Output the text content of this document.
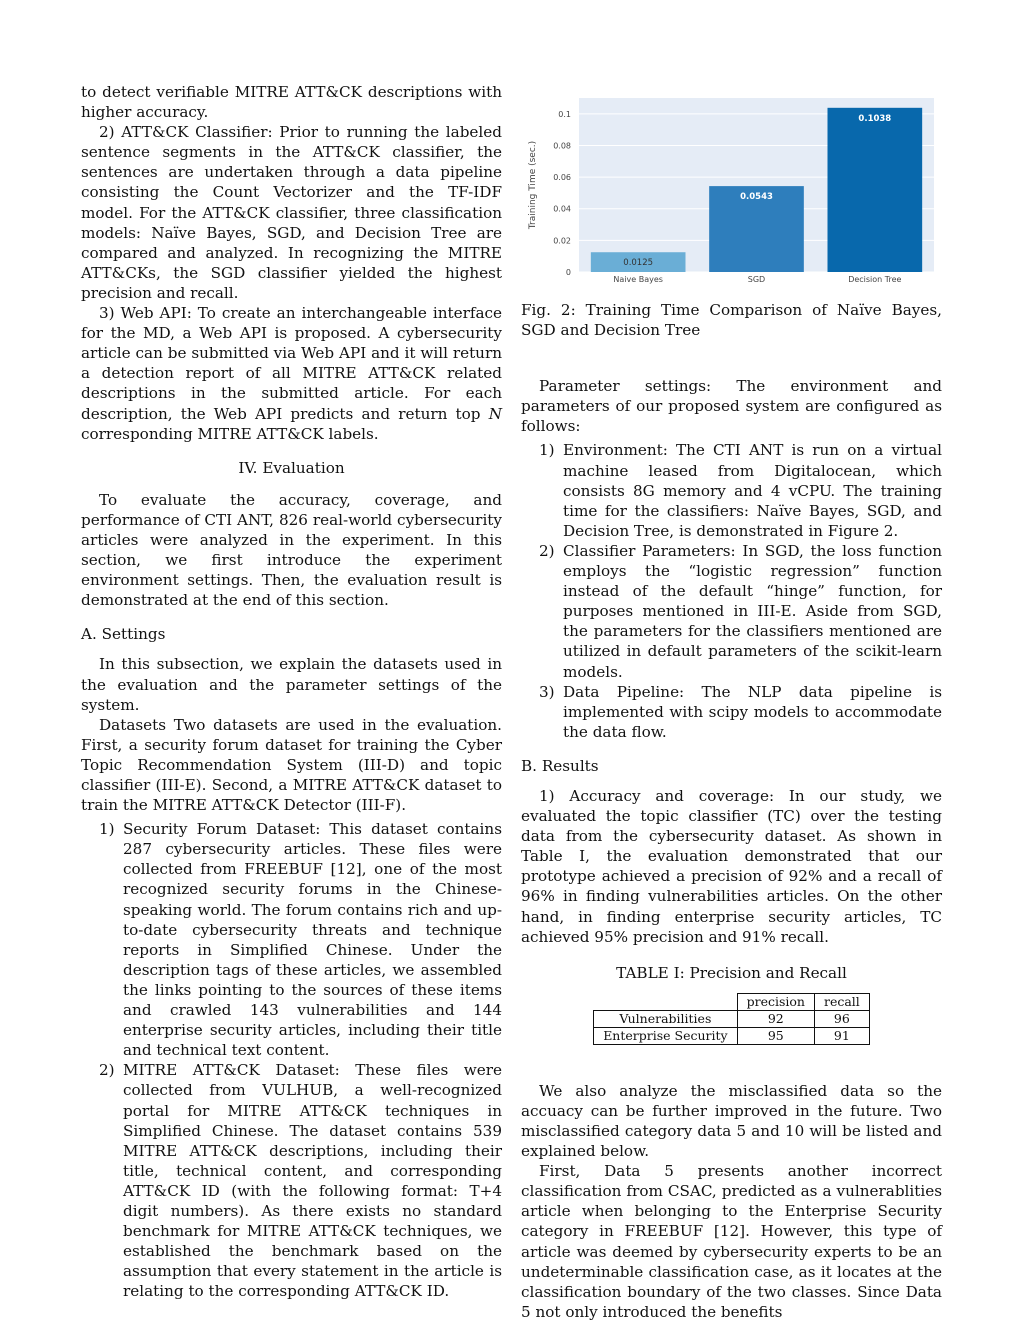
to detect verifiable MITRE ATT&CK descriptions with higher accuracy.

2) ATT&CK Classifier: Prior to running the labeled sentence segments in the ATT&CK classifier, the sentences are undertaken through a data pipeline consisting the Count Vectorizer and the TF-IDF model. For the ATT&CK classifier, three classification models: Naïve Bayes, SGD, and Decision Tree are compared and analyzed. In recognizing the MITRE ATT&CKs, the SGD classifier yielded the highest precision and recall.

3) Web API: To create an interchangeable interface for the MD, a Web API is proposed. A cybersecurity article can be submitted via Web API and it will return a detection report of all MITRE ATT&CK related descriptions in the submitted article. For each description, the Web API predicts and return top N corresponding MITRE ATT&CK labels.

IV. Evaluation

To evaluate the accuracy, coverage, and performance of CTI ANT, 826 real-world cybersecurity articles were analyzed in the experiment. In this section, we first introduce the experiment environment settings. Then, the evaluation result is demonstrated at the end of this section.

A. Settings

In this subsection, we explain the datasets used in the evaluation and the parameter settings of the system.

Datasets Two datasets are used in the evaluation. First, a security forum dataset for training the Cyber Topic Recommendation System (III-D) and topic classifier (III-E). Second, a MITRE ATT&CK dataset to train the MITRE ATT&CK Detector (III-F).

1) Security Forum Dataset: This dataset contains 287 cybersecurity articles. These files were collected from FREEBUF [12], one of the most recognized security forums in the Chinese-speaking world. The forum contains rich and up-to-date cybersecurity threats and technique reports in Simplified Chinese. Under the description tags of these articles, we assembled the links pointing to the sources of these items and crawled 143 vulnerabilities and 144 enterprise security articles, including their title and technical text content.
2) MITRE ATT&CK Dataset: These files were collected from VULHUB, a well-recognized portal for MITRE ATT&CK techniques in Simplified Chinese. The dataset contains 539 MITRE ATT&CK descriptions, including their title, technical content, and corresponding ATT&CK ID (with the following format: T+4 digit numbers). As there exists no standard benchmark for MITRE ATT&CK techniques, we established the benchmark based on the assumption that every statement in the article is relating to the corresponding ATT&CK ID.
0
0.02
0.04
0.06
0.08
0.1
0.0125
Naive Bayes
0.0543
SGD
0.1038
Decision Tree
Training Time (sec.)

Fig. 2: Training Time Comparison of Naïve Bayes, SGD and Decision Tree

Parameter settings: The environment and parameters of our proposed system are configured as follows:

1) Environment: The CTI ANT is run on a virtual machine leased from Digitalocean, which consists 8G memory and 4 vCPU. The training time for the classifiers: Naïve Bayes, SGD, and Decision Tree, is demonstrated in Figure 2.
2) Classifier Parameters: In SGD, the loss function employs the “logistic regression” function instead of the default “hinge” function, for purposes mentioned in III-E. Aside from SGD, the parameters for the classifiers mentioned are utilized in default parameters of the scikit-learn models.
3) Data Pipeline: The NLP data pipeline is implemented with scipy models to accommodate the data flow.
B. Results

1) Accuracy and coverage: In our study, we evaluated the topic classifier (TC) over the testing data from the cybersecurity dataset. As shown in Table I, the evaluation demonstrated that our prototype achieved a precision of 92% and a recall of 96% in finding vulnerabilities articles. On the other hand, in finding enterprise security articles, TC achieved 95% precision and 91% recall.

TABLE I: Precision and Recall
	precision	recall
Vulnerabilities	92	96
Enterprise Security	95	91

We also analyze the misclassified data so the accuacy can be further improved in the future. Two misclassified category data 5 and 10 will be listed and explained below.

First, Data 5 presents another incorrect classification from CSAC, predicted as a vulnerablities article when belonging to the Enterprise Security category in FREEBUF [12]. However, this type of article was deemed by cybersecurity experts to be an undeterminable classification case, as it locates at the classification boundary of the two classes. Since Data 5 not only introduced the benefits
